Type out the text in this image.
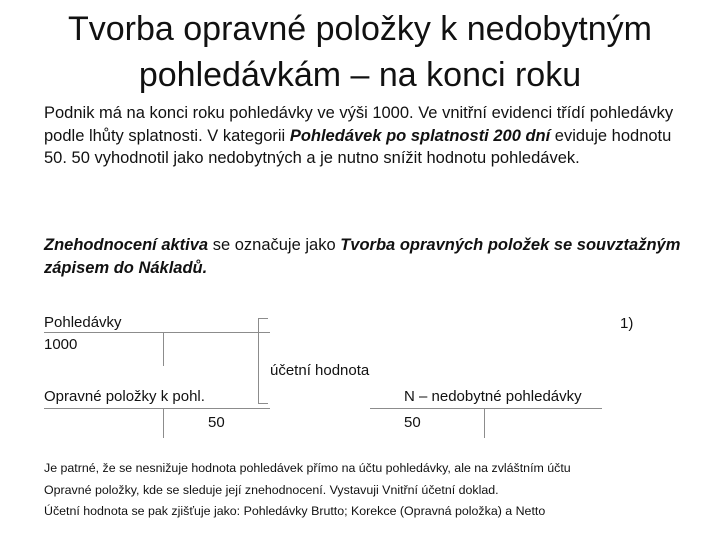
Tvorba opravné položky k nedobytným
pohledávkám – na konci roku
Podnik má na konci roku pohledávky ve výši 1000. Ve vnitřní evidenci třídí pohledávky podle lhůty splatnosti. V kategorii Pohledávek po splatnosti 200 dní eviduje hodnotu 50. 50 vyhodnotil jako nedobytných a je nutno snížit hodnotu pohledávek.
Znehodnocení aktiva se označuje jako Tvorba opravných položek se souvztažným zápisem do Nákladů.
Pohledávky
1000
1)
účetní hodnota
Opravné položky k pohl.
50
N – nedobytné pohledávky
50
Je patrné, že se nesnižuje hodnota pohledávek přímo na účtu pohledávky, ale na zvláštním účtu
Opravné položky, kde se sleduje její znehodnocení. Vystavuji Vnitřní účetní doklad.
Účetní hodnota se pak zjišťuje jako: Pohledávky Brutto; Korekce (Opravná položka) a Netto
